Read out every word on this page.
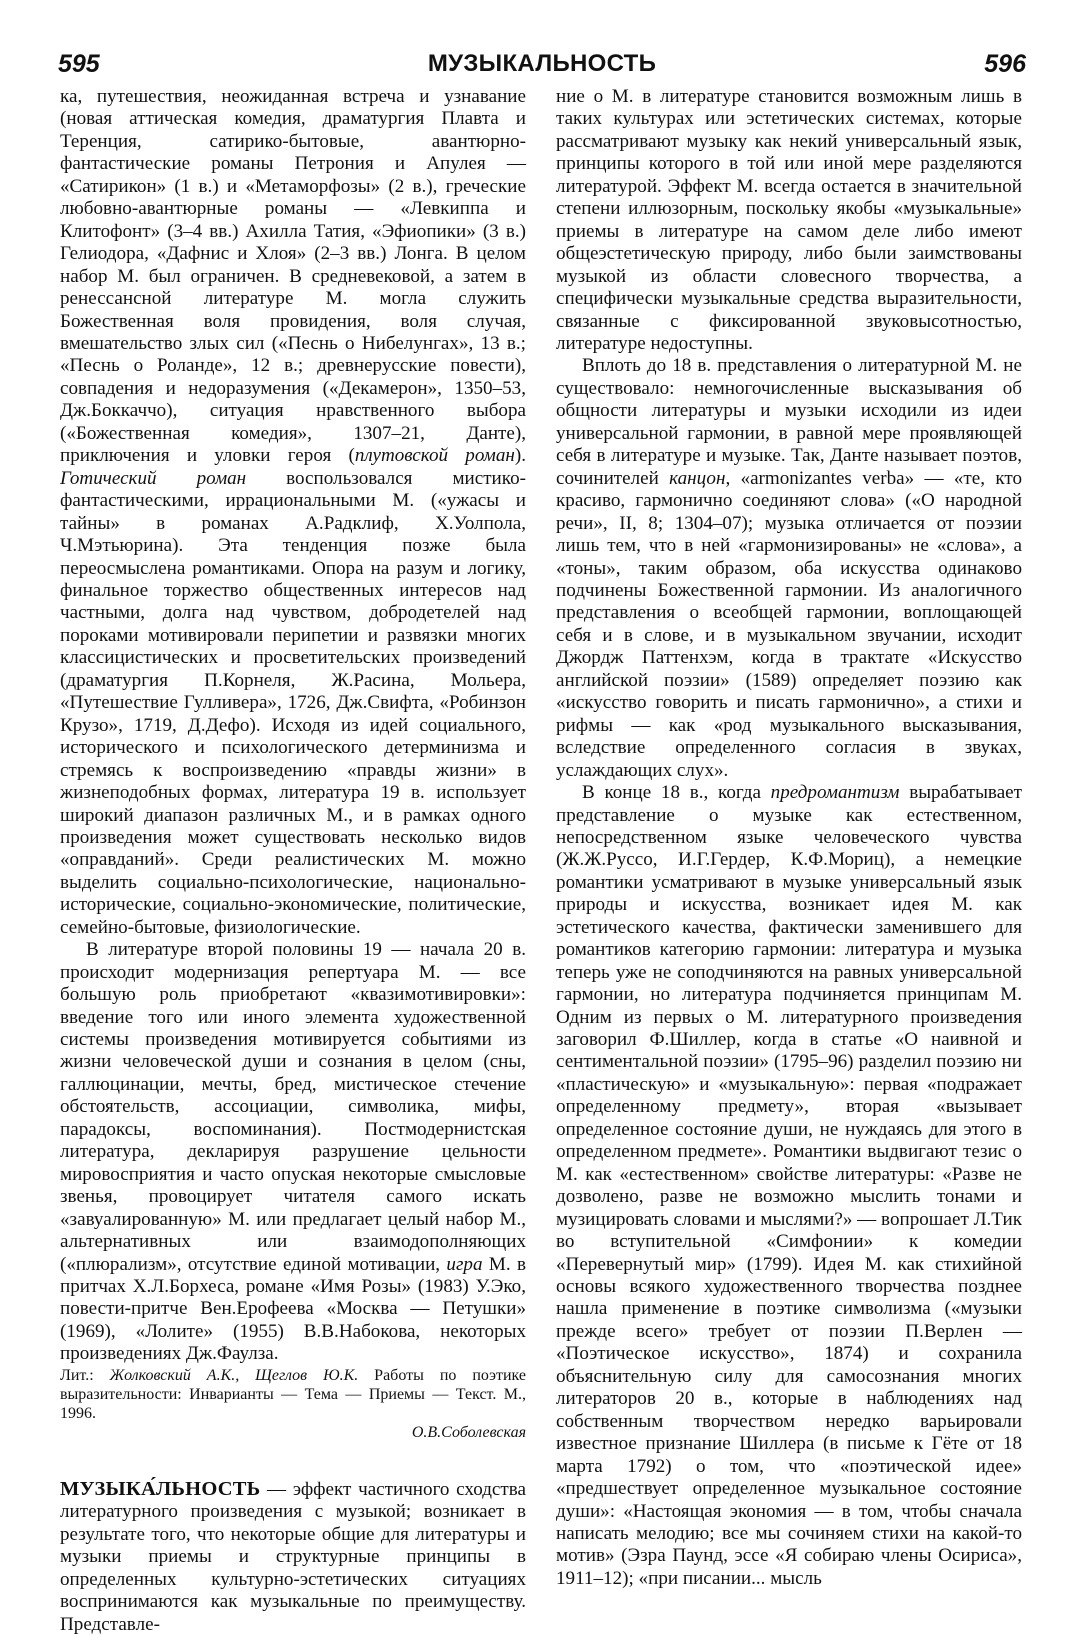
595	МУЗЫКАЛЬНОСТЬ	596

ка, путешествия, неожиданная встреча и узнавание (новая аттическая комедия, драматургия Плавта и Теренция, сатирико-бытовые, авантюрно-фантастические романы Петрония и Апулея — «Сатирикон» (1 в.) и «Метаморфозы» (2 в.), греческие любовно-авантюрные романы — «Левкиппа и Клитофонт» (3–4 вв.) Ахилла Татия, «Эфиопики» (3 в.) Гелиодора, «Дафнис и Хлоя» (2–3 вв.) Лонга. В целом набор М. был ограничен. В средневековой, а затем в ренессансной литературе М. могла служить Божественная воля провидения, воля случая, вмешательство злых сил («Песнь о Нибелунгах», 13 в.; «Песнь о Роланде», 12 в.; древнерусские повести), совпадения и недоразумения («Декамерон», 1350–53, Дж.Боккаччо), ситуация нравственного выбора («Божественная комедия», 1307–21, Данте), приключения и уловки героя (плутовской роман). Готический роман воспользовался мистико-фантастическими, иррациональными М. («ужасы и тайны» в романах А.Радклиф, Х.Уолпола, Ч.Мэтьюрина). Эта тенденция позже была переосмыслена романтиками. Опора на разум и логику, финальное торжество общественных интересов над частными, долга над чувством, добродетелей над пороками мотивировали перипетии и развязки многих классицистических и просветительских произведений (драматургия П.Корнеля, Ж.Расина, Мольера, «Путешествие Гулливера», 1726, Дж.Свифта, «Робинзон Крузо», 1719, Д.Дефо). Исходя из идей социального, исторического и психологического детерминизма и стремясь к воспроизведению «правды жизни» в жизнеподобных формах, литература 19 в. использует широкий диапазон различных М., и в рамках одного произведения может существовать несколько видов «оправданий». Среди реалистических М. можно выделить социально-психологические, национально-исторические, социально-экономические, политические, семейно-бытовые, физиологические.

В литературе второй половины 19 — начала 20 в. происходит модернизация репертуара М. — все большую роль приобретают «квазимотивировки»: введение того или иного элемента художественной системы произведения мотивируется событиями из жизни человеческой души и сознания в целом (сны, галлюцинации, мечты, бред, мистическое стечение обстоятельств, ассоциации, символика, мифы, парадоксы, воспоминания). Постмодернистская литература, декларируя разрушение цельности мировосприятия и часто опуская некоторые смысловые звенья, провоцирует читателя самого искать «завуалированную» М. или предлагает целый набор М., альтернативных или взаимодополняющих («плюрализм», отсутствие единой мотивации, игра М. в притчах Х.Л.Борхеса, романе «Имя Розы» (1983) У.Эко, повести-притче Вен.Ерофеева «Москва — Петушки» (1969), «Лолите» (1955) В.В.Набокова, некоторых произведениях Дж.Фаулза.

Лит.: Жолковский А.К., Щеглов Ю.К. Работы по поэтике выразительности: Инварианты — Тема — Приемы — Текст. М., 1996.

О.В.Соболевская

МУЗЫКА́ЛЬНОСТЬ — эффект частичного сходства литературного произведения с музыкой; возникает в результате того, что некоторые общие для литературы и музыки приемы и структурные принципы в определенных культурно-эстетических ситуациях воспринимаются как музыкальные по преимуществу. Представле-

ние о М. в литературе становится возможным лишь в таких культурах или эстетических системах, которые рассматривают музыку как некий универсальный язык, принципы которого в той или иной мере разделяются литературой. Эффект М. всегда остается в значительной степени иллюзорным, поскольку якобы «музыкальные» приемы в литературе на самом деле либо имеют общеэстетическую природу, либо были заимствованы музыкой из области словесного творчества, а специфически музыкальные средства выразительности, связанные с фиксированной звуковысотностью, литературе недоступны.

Вплоть до 18 в. представления о литературной М. не существовало: немногочисленные высказывания об общности литературы и музыки исходили из идеи универсальной гармонии, в равной мере проявляющей себя в литературе и музыке. Так, Данте называет поэтов, сочинителей канцон, «armonizantes verba» — «те, кто красиво, гармонично соединяют слова» («О народной речи», II, 8; 1304–07); музыка отличается от поэзии лишь тем, что в ней «гармонизированы» не «слова», а «тоны», таким образом, оба искусства одинаково подчинены Божественной гармонии. Из аналогичного представления о всеобщей гармонии, воплощающей себя и в слове, и в музыкальном звучании, исходит Джордж Паттенхэм, когда в трактате «Искусство английской поэзии» (1589) определяет поэзию как «искусство говорить и писать гармонично», а стихи и рифмы — как «род музыкального высказывания, вследствие определенного согласия в звуках, услаждающих слух».

В конце 18 в., когда предромантизм вырабатывает представление о музыке как естественном, непосредственном языке человеческого чувства (Ж.Ж.Руссо, И.Г.Гердер, К.Ф.Мориц), а немецкие романтики усматривают в музыке универсальный язык природы и искусства, возникает идея М. как эстетического качества, фактически заменившего для романтиков категорию гармонии: литература и музыка теперь уже не соподчиняются на равных универсальной гармонии, но литература подчиняется принципам М. Одним из первых о М. литературного произведения заговорил Ф.Шиллер, когда в статье «О наивной и сентиментальной поэзии» (1795–96) разделил поэзию ни «пластическую» и «музыкальную»: первая «подражает определенному предмету», вторая «вызывает определенное состояние души, не нуждаясь для этого в определенном предмете». Романтики выдвигают тезис о М. как «естественном» свойстве литературы: «Разве не дозволено, разве не возможно мыслить тонами и музицировать словами и мыслями?» — вопрошает Л.Тик во вступительной «Симфонии» к комедии «Перевернутый мир» (1799). Идея М. как стихийной основы всякого художественного творчества позднее нашла применение в поэтике символизма («музыки прежде всего» требует от поэзии П.Верлен — «Поэтическое искусство», 1874) и сохранила объяснительную силу для самосознания многих литераторов 20 в., которые в наблюдениях над собственным творчеством нередко варьировали известное признание Шиллера (в письме к Гёте от 18 марта 1792) о том, что «поэтической идее» «предшествует определенное музыкальное состояние души»: «Настоящая экономия — в том, чтобы сначала написать мелодию; все мы сочиняем стихи на какой-то мотив» (Эзра Паунд, эссе «Я собираю члены Осириса», 1911–12); «при писании... мысль
